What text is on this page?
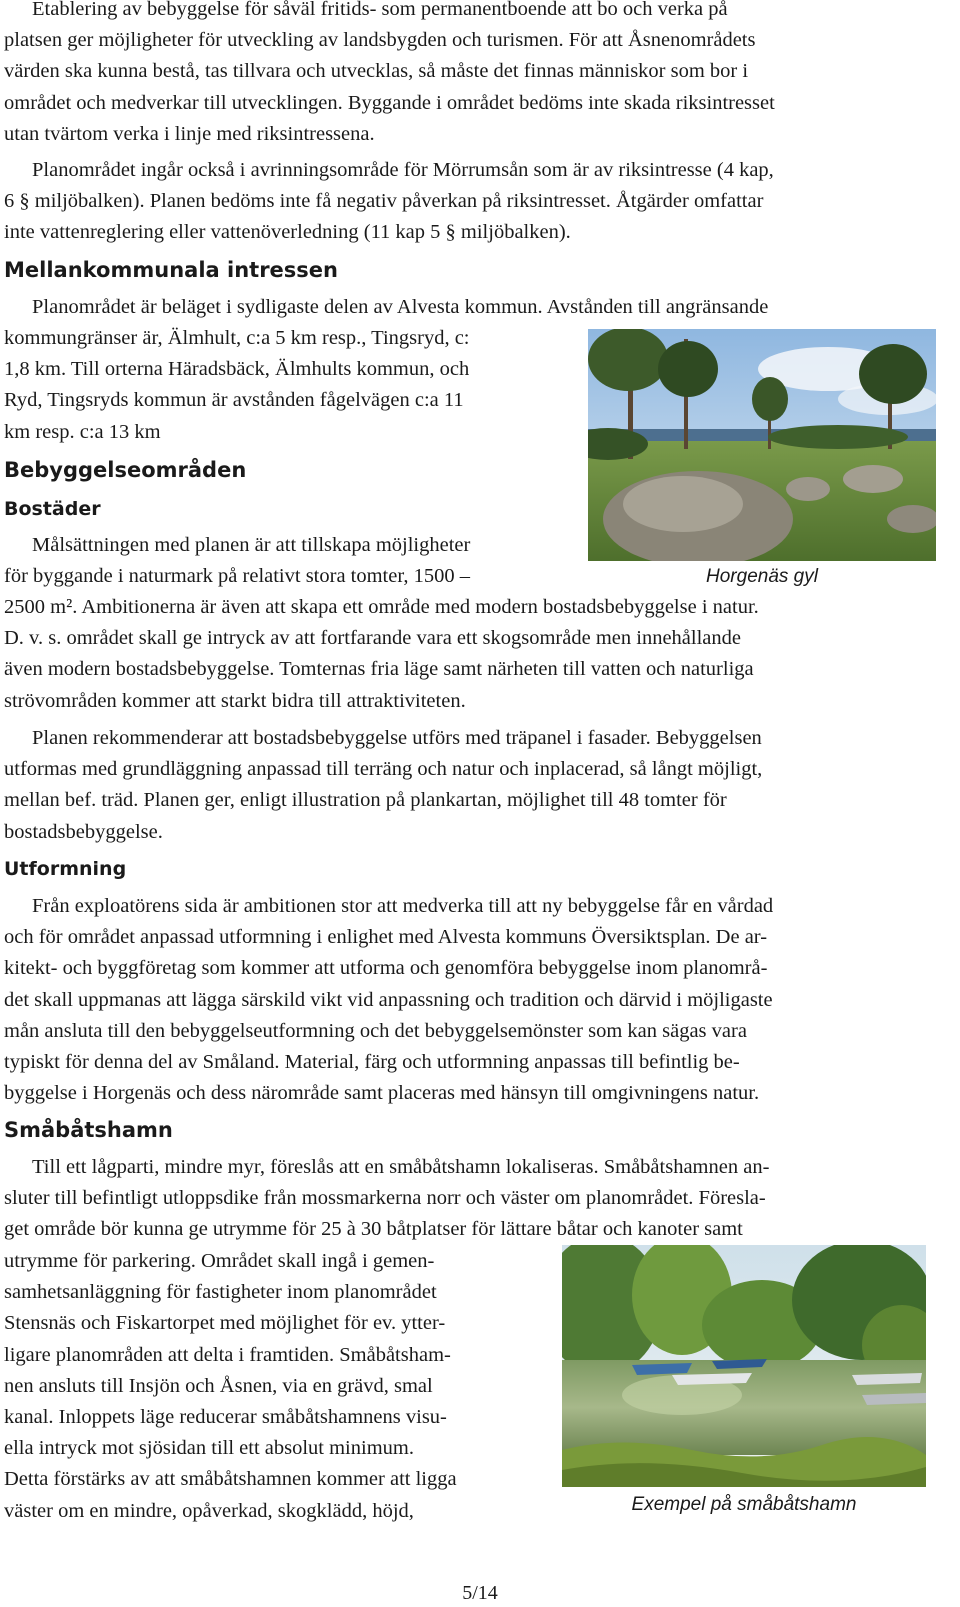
Etablering av bebyggelse för såväl fritids- som permanentboende att bo och verka på
platsen ger möjligheter för utveckling av landsbygden och turismen. För att Åsnenområdets
värden ska kunna bestå, tas tillvara och utvecklas, så måste det finnas människor som bor i
området och medverkar till utvecklingen. Byggande i området bedöms inte skada riksintresset
utan tvärtom verka i linje med riksintressena.
Planområdet ingår också i avrinningsområde för Mörrumsån som är av riksintresse (4 kap,
6 § miljöbalken). Planen bedöms inte få negativ påverkan på riksintresset. Åtgärder omfattar
inte vattenreglering eller vattenöverledning (11 kap 5 § miljöbalken).
Mellankommunala intressen
Planområdet är beläget i sydligaste delen av Alvesta kommun. Avstånden till angränsande
kommungränser är, Älmhult, c:a 5 km resp., Tingsryd, c:
1,8 km. Till orterna Häradsbäck, Älmhults kommun, och
Ryd, Tingsryds kommun är avstånden fågelvägen c:a 11
km resp. c:a 13 km

Horgenäs gyl

Bebyggelseområden
Bostäder
Målsättningen med planen är att tillskapa möjligheter
för byggande i naturmark på relativt stora tomter, 1500 –
2500 m². Ambitionerna är även att skapa ett område med modern bostadsbebyggelse i natur.
D. v. s. området skall ge intryck av att fortfarande vara ett skogsområde men innehållande
även modern bostadsbebyggelse. Tomternas fria läge samt närheten till vatten och naturliga
strövområden kommer att starkt bidra till attraktiviteten.
Planen rekommenderar att bostadsbebyggelse utförs med träpanel i fasader. Bebyggelsen
utformas med grundläggning anpassad till terräng och natur och inplacerad, så långt möjligt,
mellan bef. träd. Planen ger, enligt illustration på plankartan, möjlighet till 48 tomter för
bostadsbebyggelse.
Utformning
Från exploatörens sida är ambitionen stor att medverka till att ny bebyggelse får en vårdad
och för området anpassad utformning i enlighet med Alvesta kommuns Översiktsplan. De ar-
kitekt- och byggföretag som kommer att utforma och genomföra bebyggelse inom planområ-
det skall uppmanas att lägga särskild vikt vid anpassning och tradition och därvid i möjligaste
mån ansluta till den bebyggelseutformning och det bebyggelsemönster som kan sägas vara
typiskt för denna del av Småland. Material, färg och utformning anpassas till befintlig be-
byggelse i Horgenäs och dess närområde samt placeras med hänsyn till omgivningens natur.
Småbåtshamn
Till ett lågparti, mindre myr, föreslås att en småbåtshamn lokaliseras. Småbåtshamnen an-
sluter till befintligt utloppsdike från mossmarkerna norr och väster om planområdet. Föresla-
get område bör kunna ge utrymme för 25 à 30 båtplatser för lättare båtar och kanoter samt
utrymme för parkering. Området skall ingå i gemen-
samhetsanläggning för fastigheter inom planområdet
Stensnäs och Fiskartorpet med möjlighet för ev. ytter-
ligare planområden att delta i framtiden. Småbåtsham-
nen ansluts till Insjön och Åsnen, via en grävd, smal
kanal. Inloppets läge reducerar småbåtshamnens visu-
ella intryck mot sjösidan till ett absolut minimum.
Detta förstärks av att småbåtshamnen kommer att ligga
väster om en mindre, opåverkad, skogklädd, höjd,	Exempel på småbåtshamn

5/14
